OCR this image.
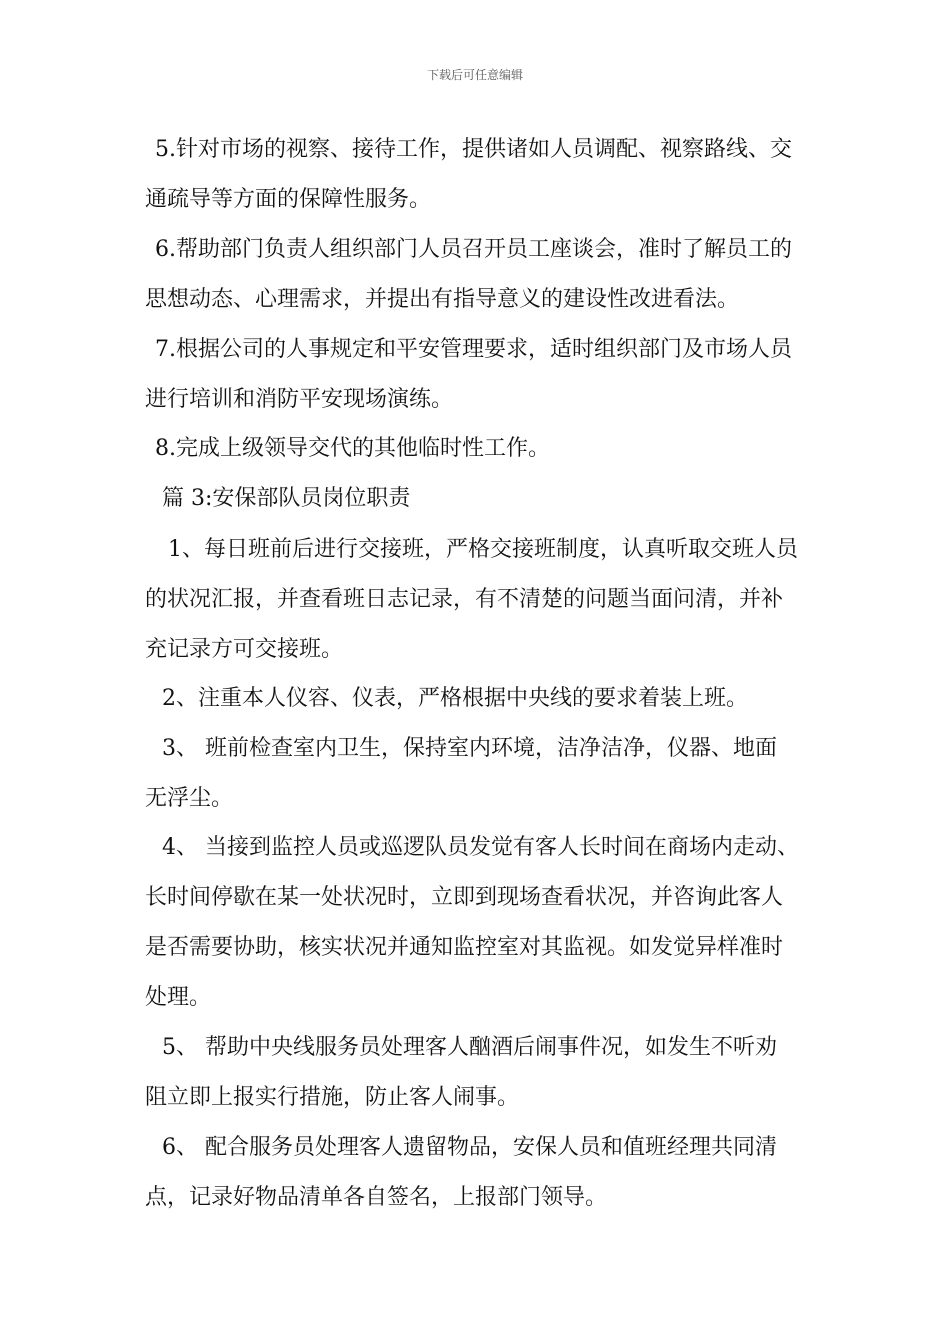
下载后可任意编辑
5.针对市场的视察、接待工作，提供诸如人员调配、视察路线、交
通疏导等方面的保障性服务。
6.帮助部门负责人组织部门人员召开员工座谈会，准时了解员工的
思想动态、心理需求，并提出有指导意义的建设性改进看法。
7.根据公司的人事规定和平安管理要求，适时组织部门及市场人员
进行培训和消防平安现场演练。
8.完成上级领导交代的其他临时性工作。
篇 3:安保部队员岗位职责
1、每日班前后进行交接班，严格交接班制度，认真听取交班人员
的状况汇报，并查看班日志记录，有不清楚的问题当面问清，并补
充记录方可交接班。
2、注重本人仪容、仪表，严格根据中央线的要求着装上班。
3、 班前检查室内卫生，保持室内环境，洁净洁净，仪器、地面
无浮尘。
4、 当接到监控人员或巡逻队员发觉有客人长时间在商场内走动、
长时间停歇在某一处状况时，立即到现场查看状况，并咨询此客人
是否需要协助，核实状况并通知监控室对其监视。如发觉异样准时
处理。
5、 帮助中央线服务员处理客人酗酒后闹事件况，如发生不听劝
阻立即上报实行措施，防止客人闹事。
6、 配合服务员处理客人遗留物品，安保人员和值班经理共同清
点，记录好物品清单各自签名，上报部门领导。
